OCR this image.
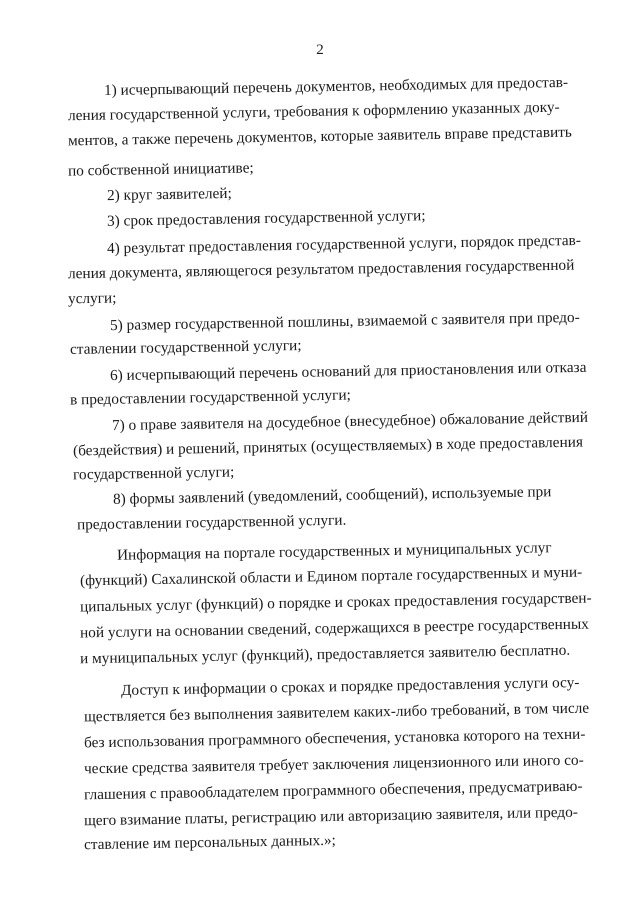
2

1) исчерпывающий перечень документов, необходимых для предостав-

ления государственной услуги, требования к оформлению указанных доку-

ментов, а также перечень документов, которые заявитель вправе представить

по собственной инициативе;

2) круг заявителей;

3) срок предоставления государственной услуги;

4) результат предоставления государственной услуги, порядок представ-

ления документа, являющегося результатом предоставления государственной

услуги;

5) размер государственной пошлины, взимаемой с заявителя при предо-

ставлении государственной услуги;

6) исчерпывающий перечень оснований для приостановления или отказа

в предоставлении государственной услуги;

7) о праве заявителя на досудебное (внесудебное) обжалование действий

(бездействия) и решений, принятых (осуществляемых) в ходе предоставления

государственной услуги;

8) формы заявлений (уведомлений, сообщений), используемые при

предоставлении государственной услуги.

Информация на портале государственных и муниципальных услуг

(функций) Сахалинской области и Едином портале государственных и муни-

ципальных услуг (функций) о порядке и сроках предоставления государствен-

ной услуги на основании сведений, содержащихся в реестре государственных

и муниципальных услуг (функций), предоставляется заявителю бесплатно.

Доступ к информации о сроках и порядке предоставления услуги осу-

ществляется без выполнения заявителем каких-либо требований, в том числе

без использования программного обеспечения, установка которого на техни-

ческие средства заявителя требует заключения лицензионного или иного со-

глашения с правообладателем программного обеспечения, предусматриваю-

щего взимание платы, регистрацию или авторизацию заявителя, или предо-

ставление им персональных данных.»;
